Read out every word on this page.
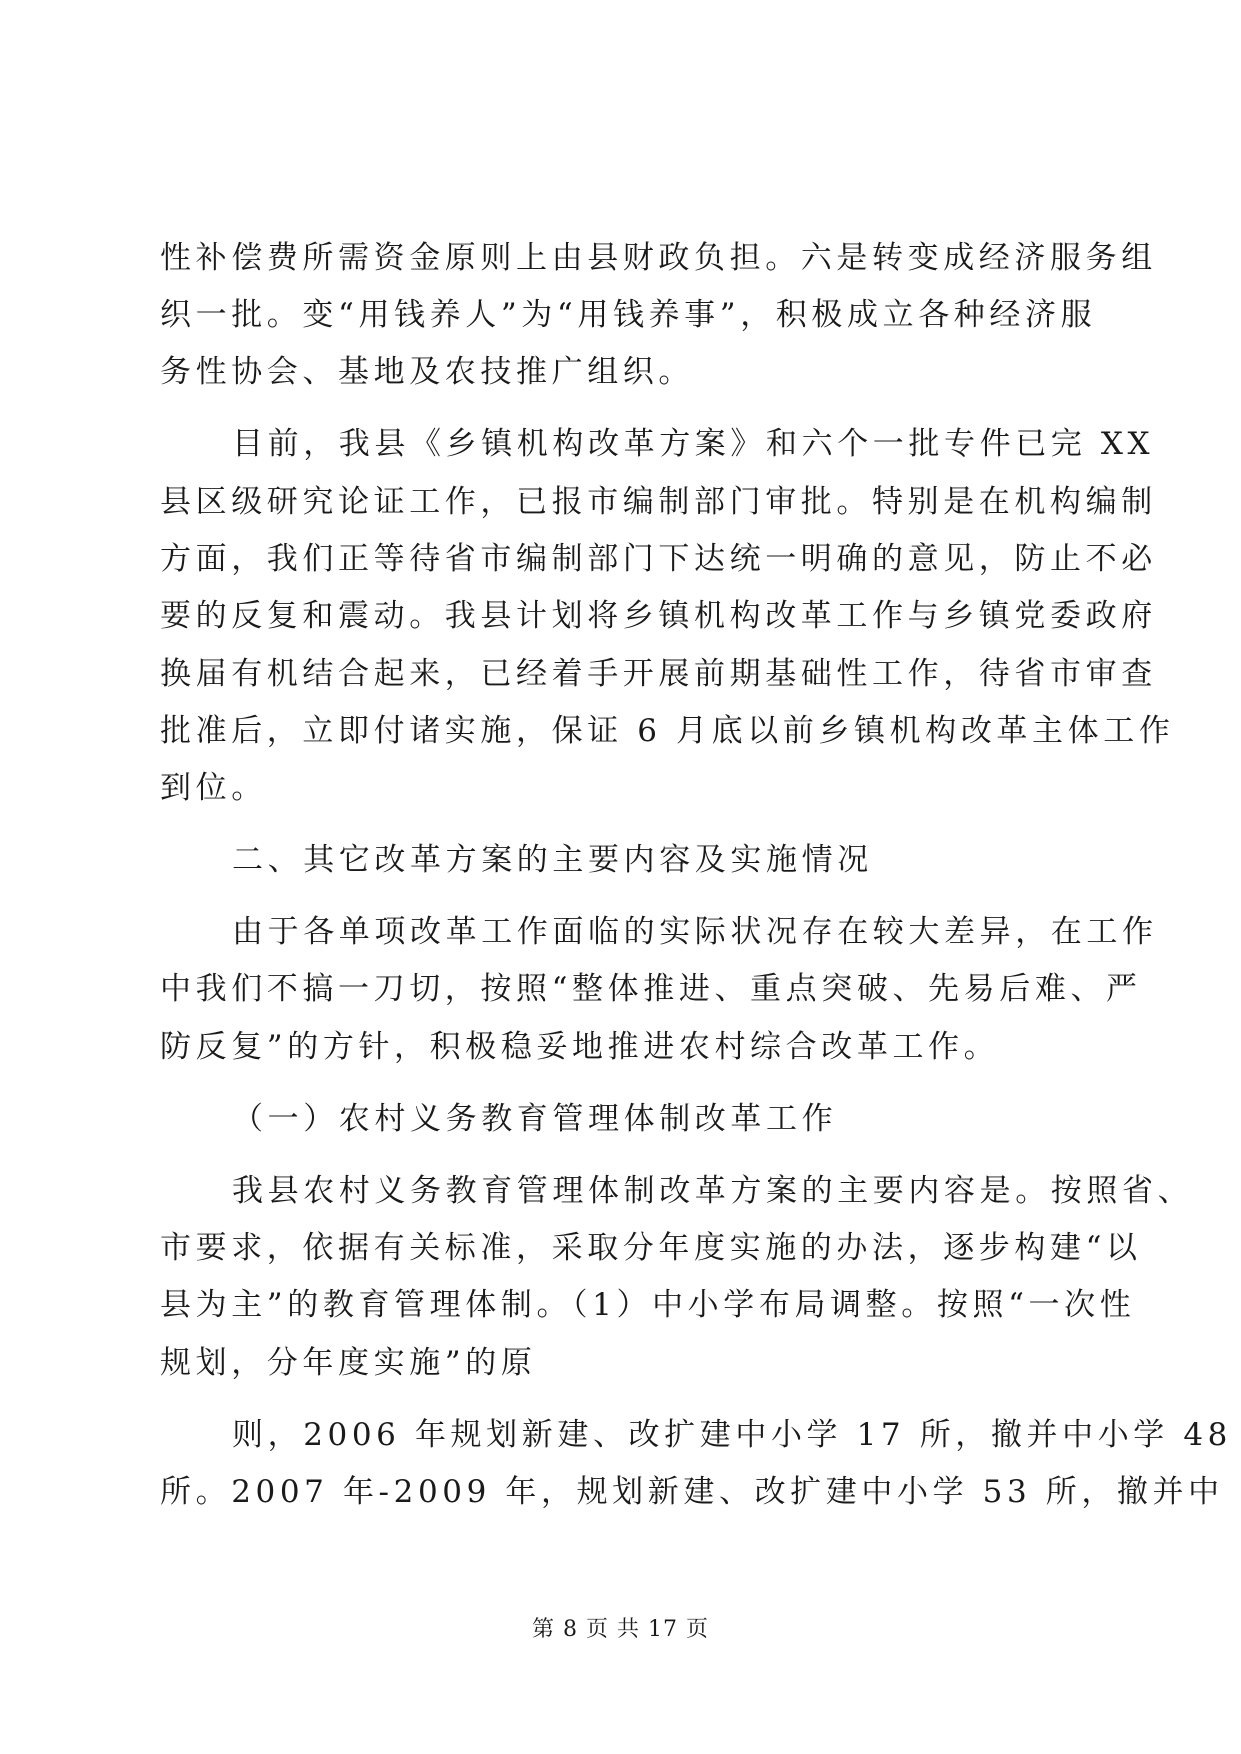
性补偿费所需资金原则上由县财政负担。六是转变成经济服务组
织一批。变“用钱养人”为“用钱养事”，积极成立各种经济服
务性协会、基地及农技推广组织。
目前，我县《乡镇机构改革方案》和六个一批专件已完 XX
县区级研究论证工作，已报市编制部门审批。特别是在机构编制
方面，我们正等待省市编制部门下达统一明确的意见，防止不必
要的反复和震动。我县计划将乡镇机构改革工作与乡镇党委政府
换届有机结合起来，已经着手开展前期基础性工作，待省市审查
批准后，立即付诸实施，保证 6 月底以前乡镇机构改革主体工作
到位。
二、其它改革方案的主要内容及实施情况
由于各单项改革工作面临的实际状况存在较大差异，在工作
中我们不搞一刀切，按照“整体推进、重点突破、先易后难、严
防反复”的方针，积极稳妥地推进农村综合改革工作。
（一）农村义务教育管理体制改革工作
我县农村义务教育管理体制改革方案的主要内容是。按照省、
市要求，依据有关标准，采取分年度实施的办法，逐步构建“以
县为主”的教育管理体制。（1）中小学布局调整。按照“一次性
规划，分年度实施”的原
则，2006 年规划新建、改扩建中小学 17 所，撤并中小学 48
所。2007 年-2009 年，规划新建、改扩建中小学 53 所，撤并中
第 8 页 共 17 页
